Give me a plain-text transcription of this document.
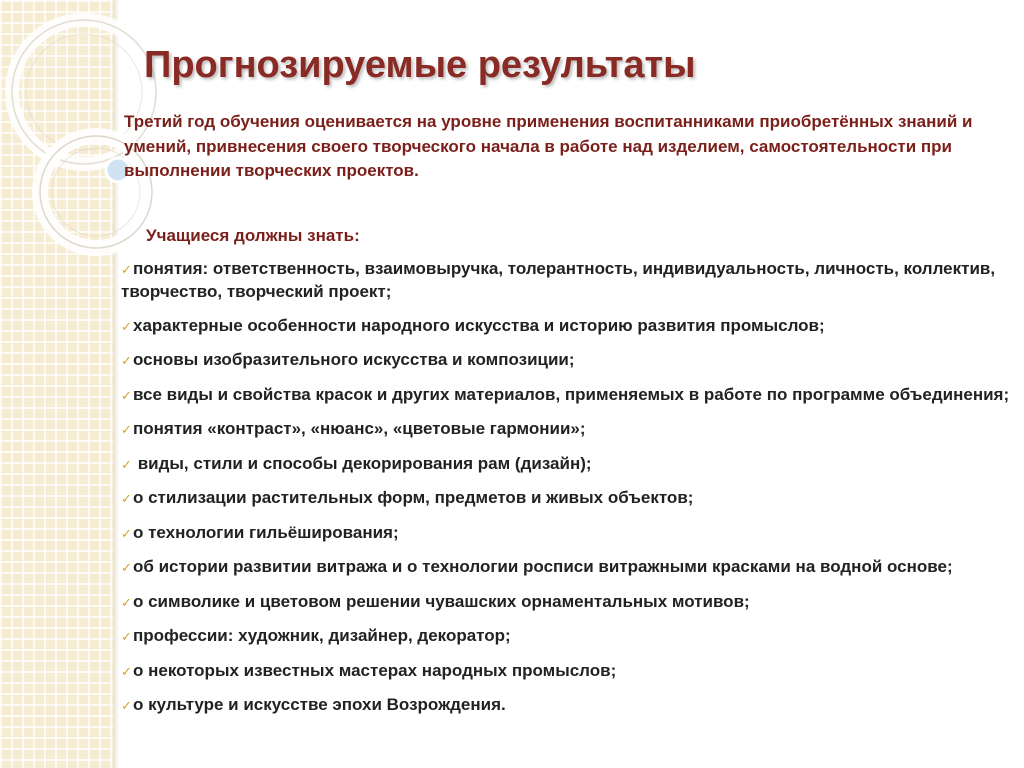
Прогнозируемые результаты

Третий год обучения оценивается на уровне применения воспитанниками приобретённых знаний и умений, привнесения своего творческого начала в работе над изделием, самостоятельности при выполнении творческих проектов.

Учащиеся должны знать:

✓понятия: ответственность, взаимовыручка, толерантность, индивидуальность, личность, коллектив, творчество, творческий проект;
✓характерные особенности народного искусства и историю развития промыслов;
✓основы изобразительного искусства и композиции;
✓все виды и свойства красок и других материалов, применяемых в работе по программе объединения;
✓понятия «контраст», «нюанс», «цветовые гармонии»;
✓ виды, стили и способы декорирования рам (дизайн);
✓о стилизации растительных форм, предметов и живых объектов;
✓о технологии гильёширования;
✓об истории развитии витража и о технологии росписи витражными красками на водной основе;
✓о символике и цветовом решении чувашских орнаментальных мотивов;
✓профессии: художник, дизайнер, декоратор;
✓о некоторых известных мастерах народных промыслов;
✓о культуре и искусстве эпохи Возрождения.
